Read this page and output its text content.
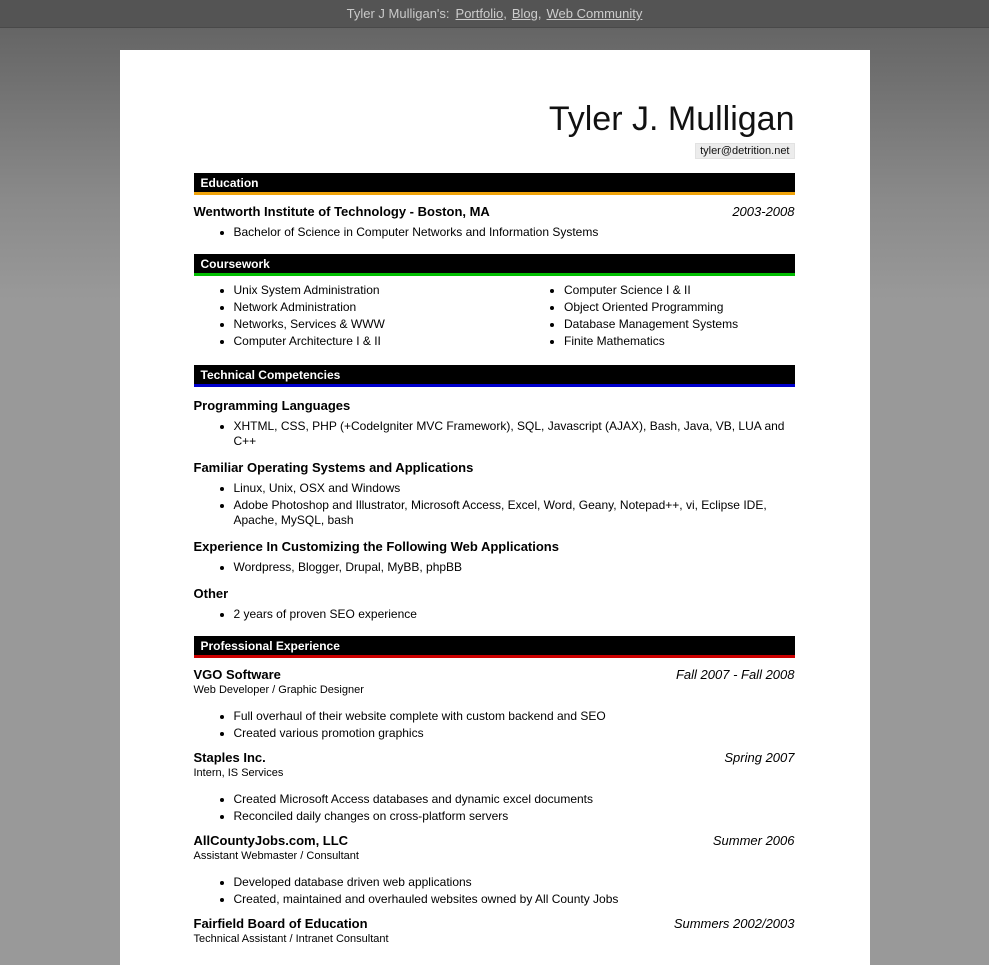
Tyler J Mulligan's: Portfolio, Blog, Web Community
Tyler J. Mulligan
tyler@detrition.net
Education
Wentworth Institute of Technology - Boston, MA	2003-2008
• Bachelor of Science in Computer Networks and Information Systems
Coursework
• Unix System Administration
• Network Administration
• Networks, Services & WWW
• Computer Architecture I & II
• Computer Science I & II
• Object Oriented Programming
• Database Management Systems
• Finite Mathematics
Technical Competencies
Programming Languages
• XHTML, CSS, PHP (+CodeIgniter MVC Framework), SQL, Javascript (AJAX), Bash, Java, VB, LUA and C++
Familiar Operating Systems and Applications
• Linux, Unix, OSX and Windows
• Adobe Photoshop and Illustrator, Microsoft Access, Excel, Word, Geany, Notepad++, vi, Eclipse IDE, Apache, MySQL, bash
Experience In Customizing the Following Web Applications
• Wordpress, Blogger, Drupal, MyBB, phpBB
Other
• 2 years of proven SEO experience
Professional Experience
VGO Software	Fall 2007 - Fall 2008
Web Developer / Graphic Designer
• Full overhaul of their website complete with custom backend and SEO
• Created various promotion graphics
Staples Inc.	Spring 2007
Intern, IS Services
• Created Microsoft Access databases and dynamic excel documents
• Reconciled daily changes on cross-platform servers
AllCountyJobs.com, LLC	Summer 2006
Assistant Webmaster / Consultant
• Developed database driven web applications
• Created, maintained and overhauled websites owned by All County Jobs
Fairfield Board of Education	Summers 2002/2003
Technical Assistant / Intranet Consultant
